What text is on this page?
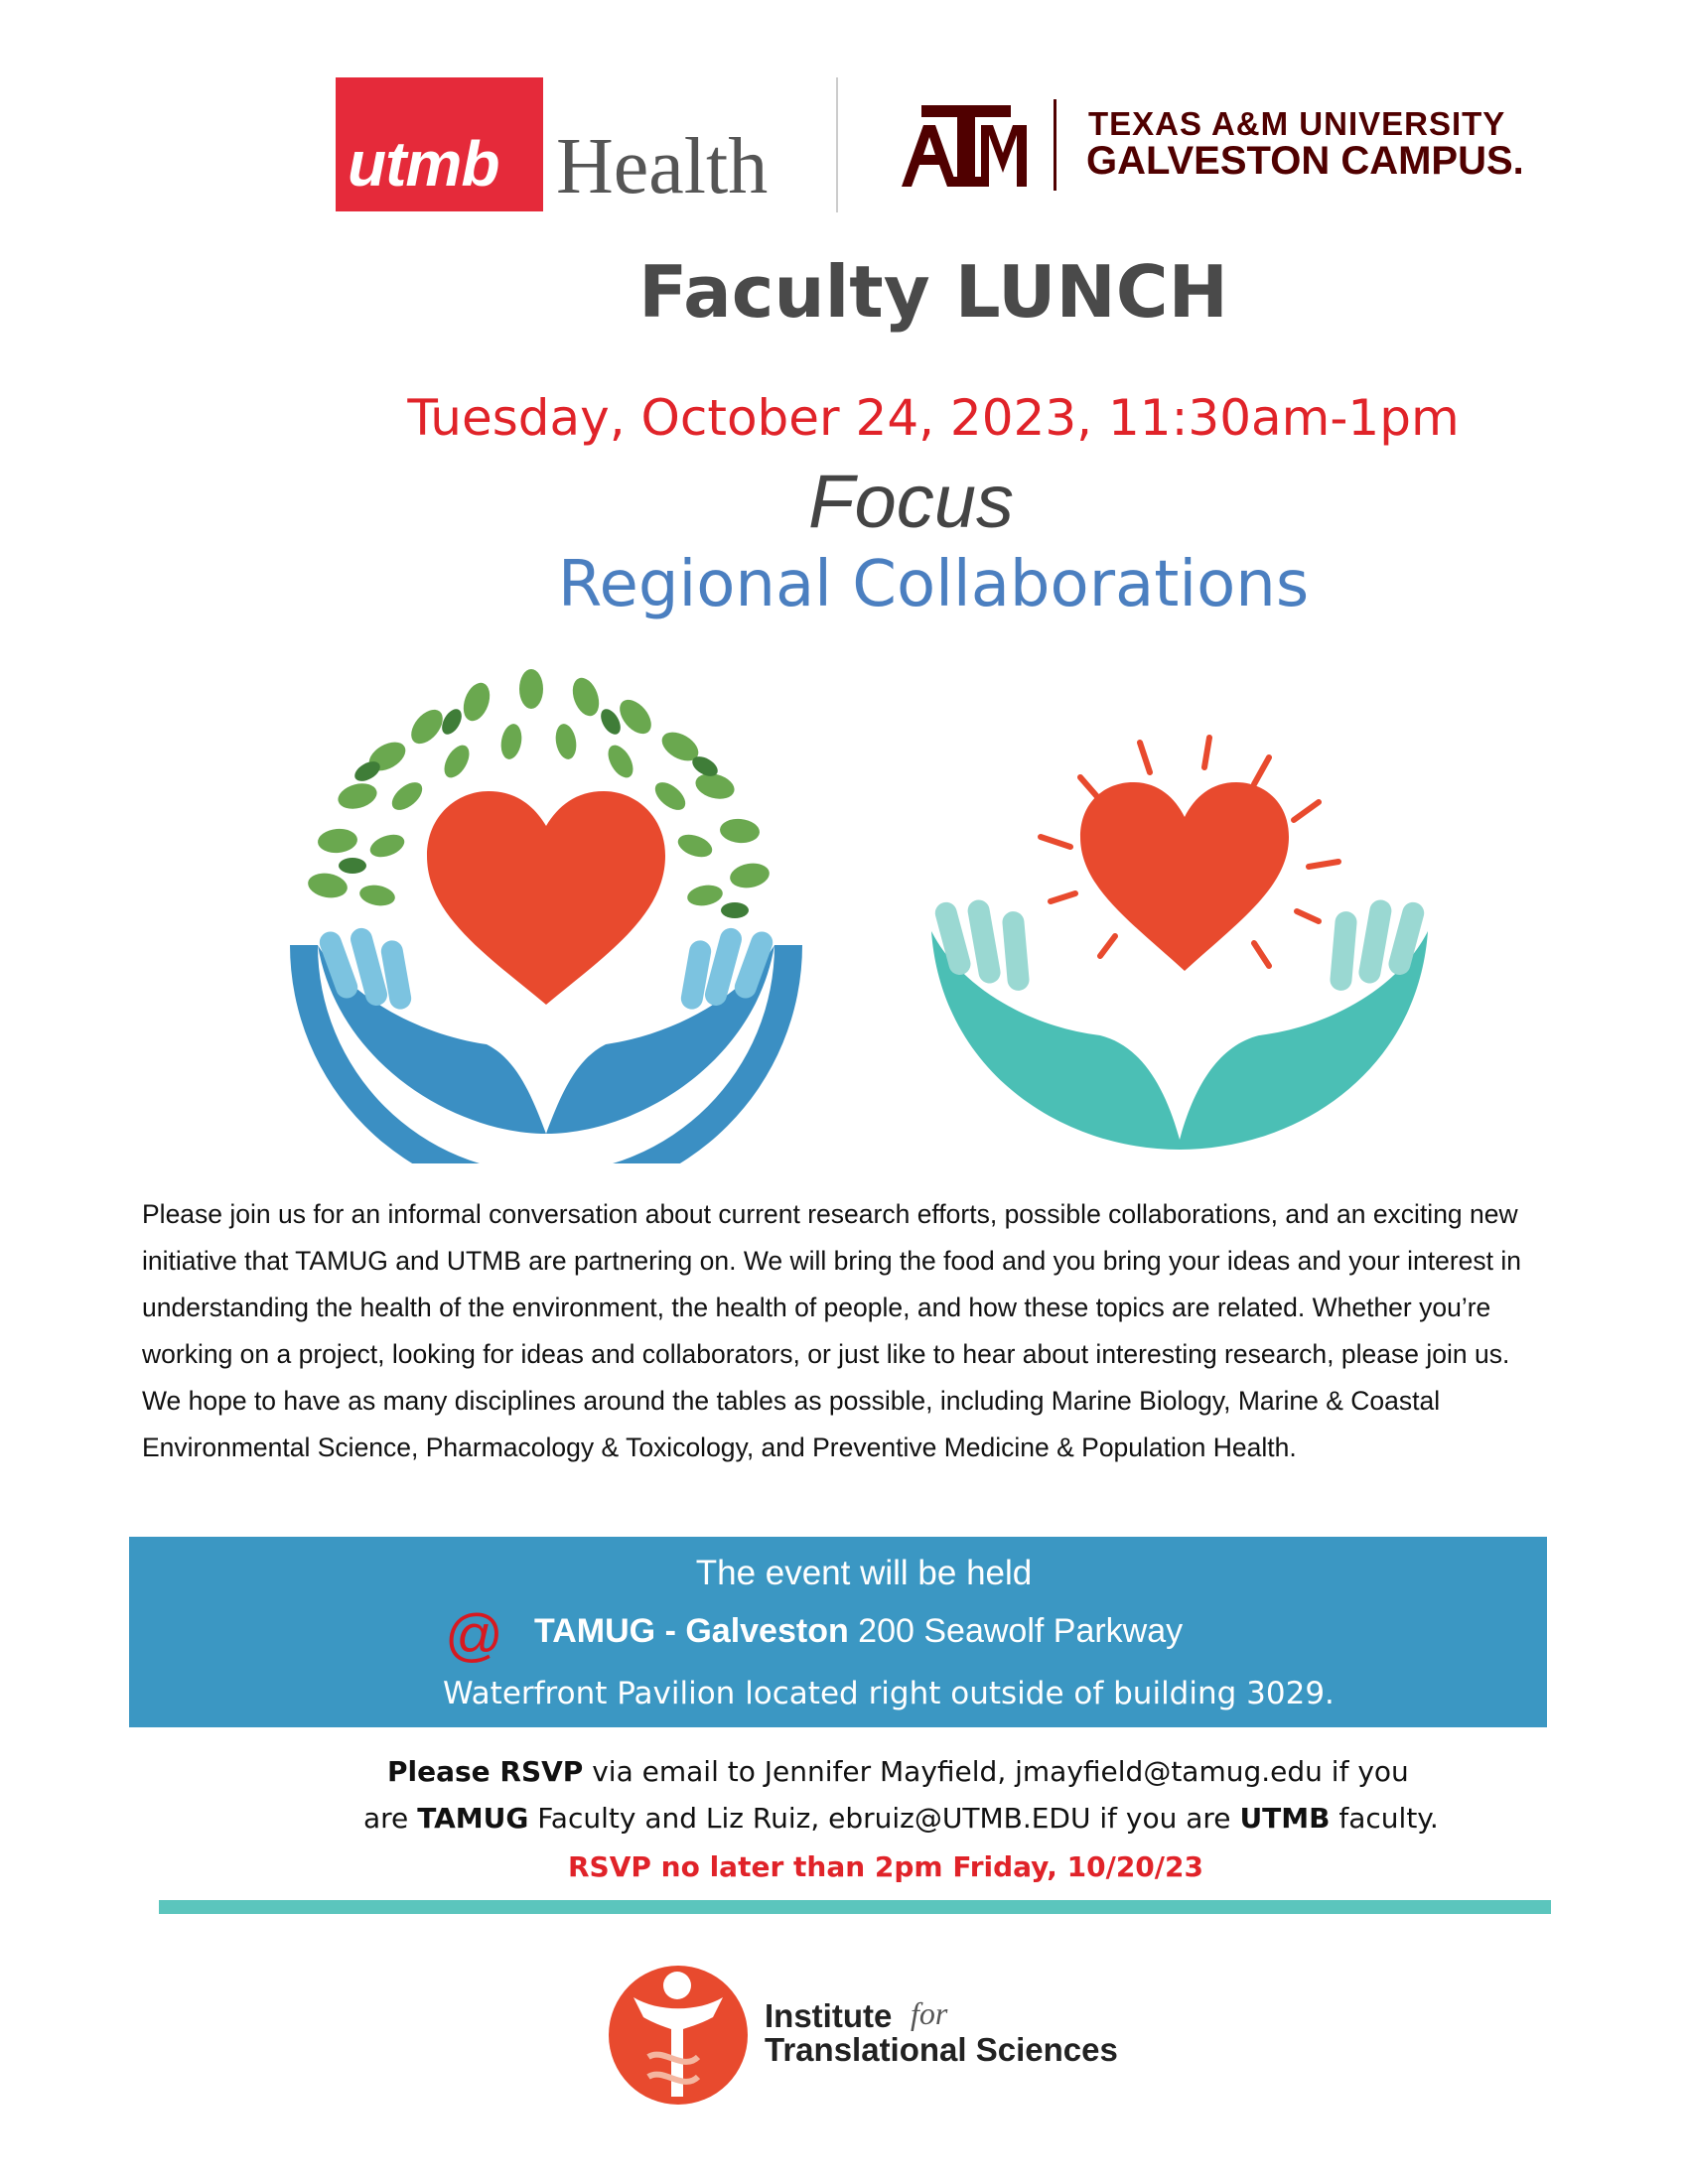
utmb Health	TEXAS A&M UNIVERSITY
GALVESTON CAMPUS.
Faculty LUNCH
Tuesday, October 24, 2023, 11:30am-1pm
Focus
Regional Collaborations
Please join us for an informal conversation about current research efforts, possible collaborations, and an exciting new initiative that TAMUG and UTMB are partnering on. We will bring the food and you bring your ideas and your interest in understanding the health of the environment, the health of people, and how these topics are related. Whether you’re working on a project, looking for ideas and collaborators, or just like to hear about interesting research, please join us. We hope to have as many disciplines around the tables as possible, including Marine Biology, Marine & Coastal Environmental Science, Pharmacology & Toxicology, and Preventive Medicine & Population Health.
The event will be held
@ TAMUG - Galveston 200 Seawolf Parkway
Waterfront Pavilion located right outside of building 3029.
Please RSVP via email to Jennifer Mayfield, jmayfield@tamug.edu if you
are TAMUG Faculty and Liz Ruiz, ebruiz@UTMB.EDU if you are UTMB faculty.
RSVP no later than 2pm Friday, 10/20/23
Institute for
Translational Sciences
